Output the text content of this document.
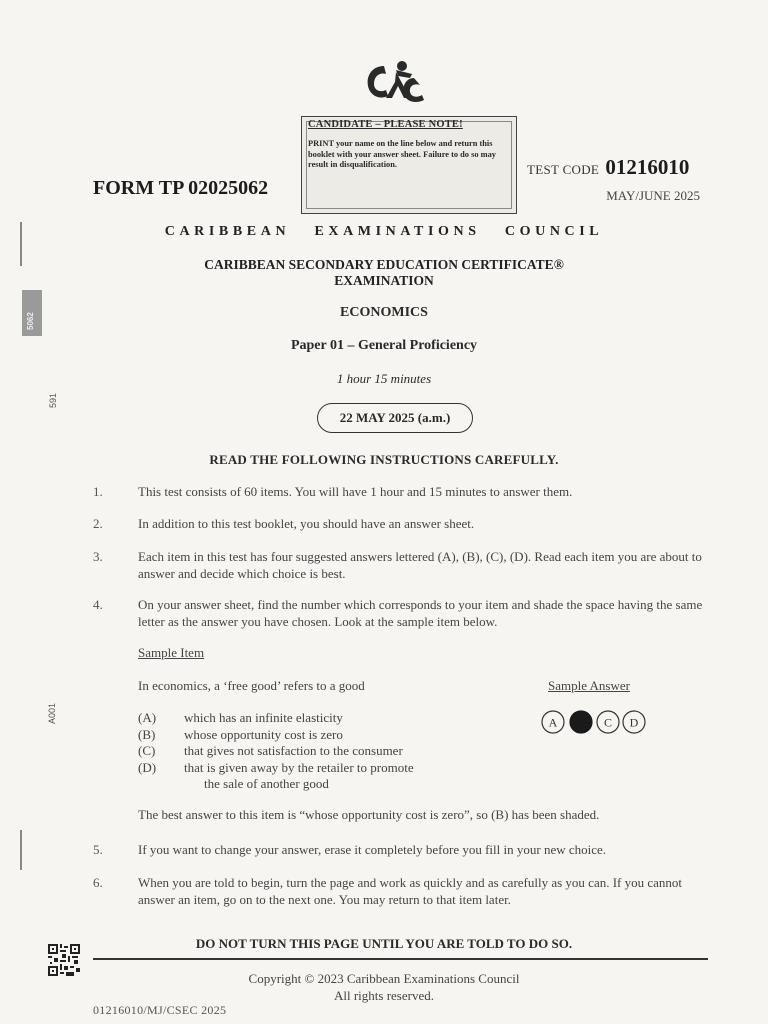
5062
591
A001
CANDIDATE – PLEASE NOTE!
PRINT your name on the line below and return this booklet with your answer sheet. Failure to do so may result in disqualification.
FORM TP 02025062
TEST CODE 01216010
MAY/JUNE 2025
CARIBBEAN   EXAMINATIONS   COUNCIL
CARIBBEAN SECONDARY EDUCATION CERTIFICATE®
EXAMINATION
ECONOMICS
Paper 01 – General Proficiency
1 hour 15 minutes
22 MAY 2025 (a.m.)
READ THE FOLLOWING INSTRUCTIONS CAREFULLY.
1.	This test consists of 60 items. You will have 1 hour and 15 minutes to answer them.
2.	In addition to this test booklet, you should have an answer sheet.
3.	Each item in this test has four suggested answers lettered (A), (B), (C), (D). Read each item you are about to answer and decide which choice is best.
4.	On your answer sheet, find the number which corresponds to your item and shade the space having the same letter as the answer you have chosen. Look at the sample item below.
Sample Item
In economics, a ‘free good’ refers to a good	Sample Answer
(A) which has an infinite elasticity
(B) whose opportunity cost is zero
(C) that gives not satisfaction to the consumer
(D) that is given away by the retailer to promote
the sale of another good
A	C D
The best answer to this item is “whose opportunity cost is zero”, so (B) has been shaded.
5.	If you want to change your answer, erase it completely before you fill in your new choice.
6.	When you are told to begin, turn the page and work as quickly and as carefully as you can. If you cannot answer an item, go on to the next one. You may return to that item later.
DO NOT TURN THIS PAGE UNTIL YOU ARE TOLD TO DO SO.
Copyright © 2023 Caribbean Examinations Council
All rights reserved.
01216010/MJ/CSEC 2025
